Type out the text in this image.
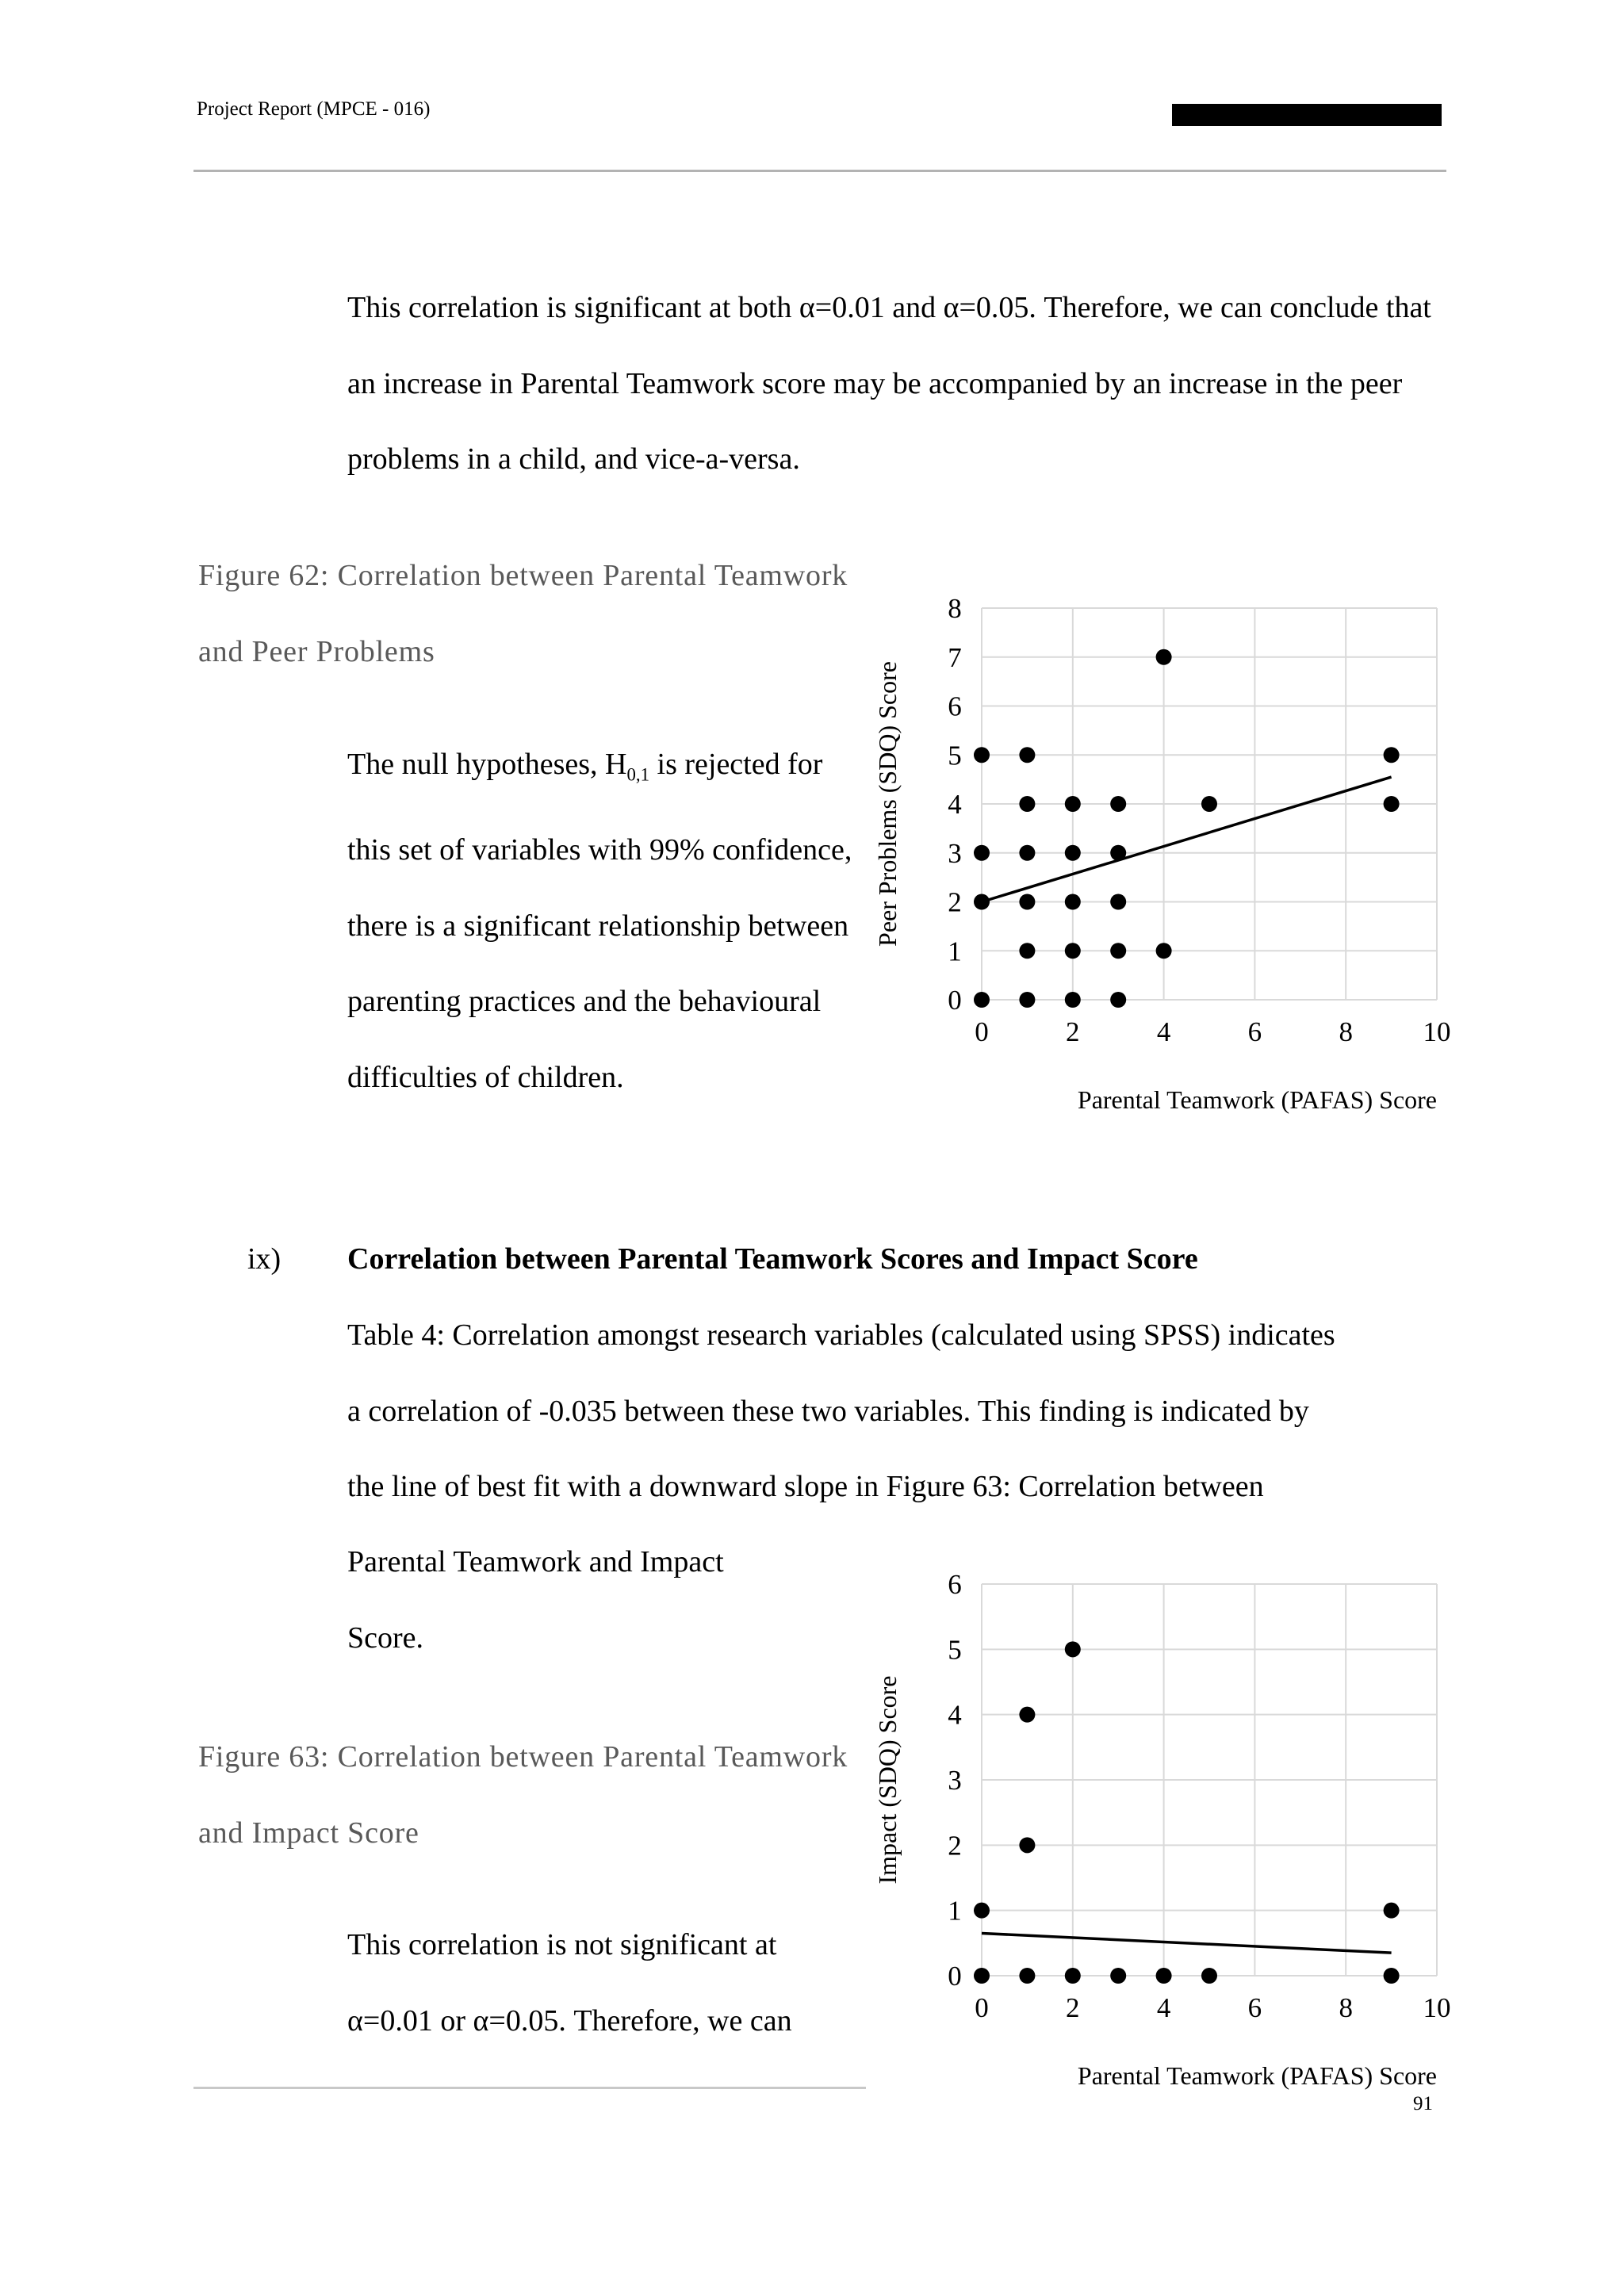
Project Report (MPCE - 016)
This correlation is significant at both α=0.01 and α=0.05. Therefore, we can conclude that an increase in Parental Teamwork score may be accompanied by an increase in the peer problems in a child, and vice-a-versa.
Figure 62: Correlation between Parental Teamwork and Peer Problems
The null hypotheses, $H_{0,1}$ is rejected for this set of variables with 99% confidence, there is a significant relationship between parenting practices and the behavioural difficulties of children.
ix) Correlation between Parental Teamwork Scores and Impact Score
Table 4: Correlation amongst research variables (calculated using SPSS) indicates
a correlation of -0.035 between these two variables. This finding is indicated by
the line of best fit with a downward slope in Figure 63: Correlation between
Parental Teamwork and Impact
Score.
Figure 63: Correlation between Parental Teamwork and Impact Score
This correlation is not significant at α=0.01 or α=0.05. Therefore, we can
91
0	2	4	6	8	10
0
1
2
3
4
5
6
7
8
Parental Teamwork (PAFAS) Score
Peer Problems (SDQ) Score
0	2	4	6	8	10
0
1
2
3
4
5
6
Parental Teamwork (PAFAS) Score
Impact (SDQ) Score
